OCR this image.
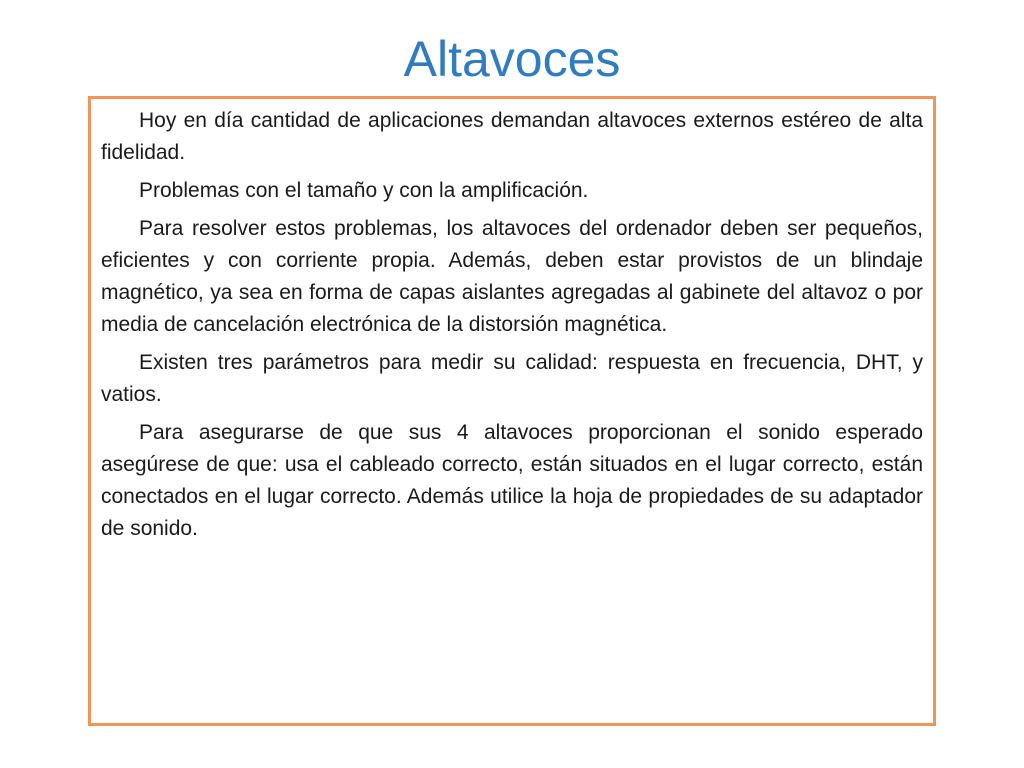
Altavoces

Hoy en día cantidad de aplicaciones demandan altavoces externos estéreo de alta fidelidad.

Problemas con el tamaño y con la amplificación.

Para resolver estos problemas, los altavoces del ordenador deben ser pequeños, eficientes y con corriente propia. Además, deben estar provistos de un blindaje magnético, ya sea en forma de capas aislantes agregadas al gabinete del altavoz o por media de cancelación electrónica de la distorsión magnética.

Existen tres parámetros para medir su calidad: respuesta en frecuencia, DHT, y vatios.

Para asegurarse de que sus 4 altavoces proporcionan el sonido esperado asegúrese de que: usa el cableado correcto, están situados en el lugar correcto, están conectados en el lugar correcto. Además utilice la hoja de propiedades de su adaptador de sonido.
